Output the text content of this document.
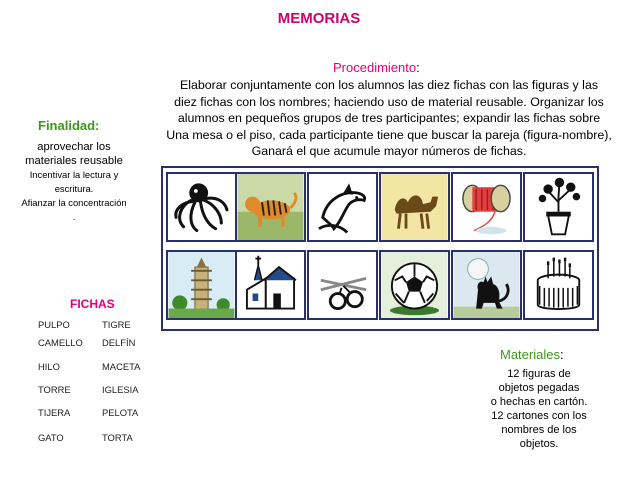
MEMORIAS
Procedimiento:
Elaborar conjuntamente con los alumnos las diez fichas con las figuras y las
diez fichas con los nombres; haciendo uso de material reusable. Organizar los
alumnos en pequeños grupos de tres participantes; expandir las fichas sobre
Una mesa o el piso, cada participante tiene que buscar la pareja (figura-nombre),
Ganará el que acumule mayor números de fichas.
Finalidad:
aprovechar los
materiales reusable
Incentivar la lectura y
escritura.
Afianzar la concentración
.
FICHAS
PULPO	TIGRE
CAMELLO DELFÍN
HILO	MACETA
TORRE	IGLESIA
TIJERA	PELOTA
GATO	TORTA
Materiales:
12 figuras de
objetos pegadas
o hechas en cartón.
12 cartones con los
nombres de los
objetos.
